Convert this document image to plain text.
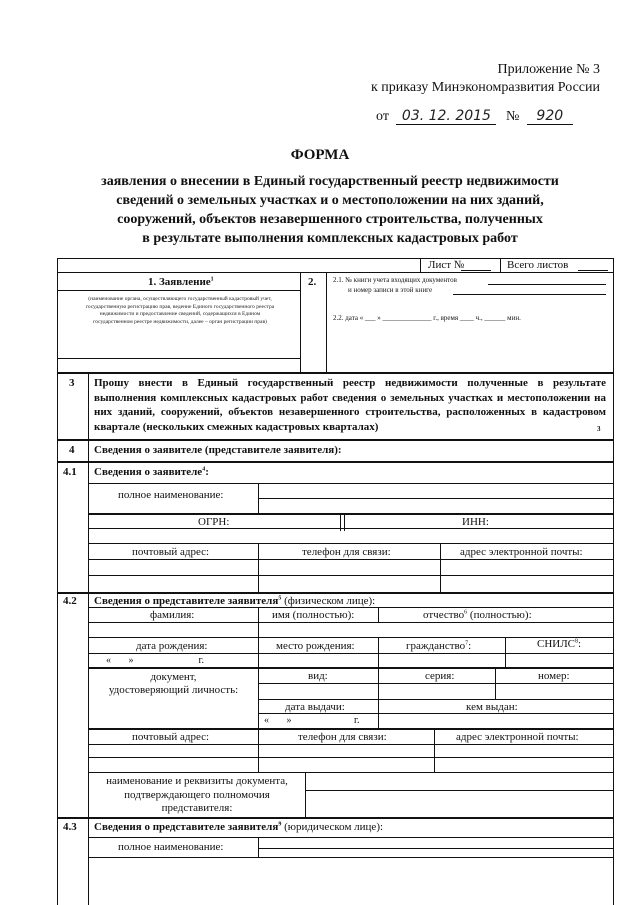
Приложение № 3
к приказу Минэкономразвития России
от 03. 12. 2015 № 920
ФОРМА
заявления о внесении в Единый государственный реестр недвижимости
сведений о земельных участках и о местоположении на них зданий,
сооружений, объектов незавершенного строительства, полученных
в результате выполнения комплексных кадастровых работ
Лист №	Всего листов
1. Заявление$^1$
(наименование органа, осуществляющего государственный кадастровый учет,
государственную регистрацию прав, ведение Единого государственного реестра
недвижимости и предоставление сведений, содержащихся в Едином
государственном реестре недвижимости, далее – орган регистрации прав)
2. 2.1. № книги учета входящих документов
и номер записи в этой книге
2.2. дата « ___ » ______________ г., время ____ ч., ______ мин.
3 Прошу внести в Единый государственный реестр недвижимости полученные в результате выполнения комплексных кадастровых работ сведения о земельных участках и местоположении на них зданий, сооружений, объектов незавершенного строительства, расположенных в кадастровом квартале (нескольких смежных кадастровых кварталах)	3
4 Сведения о заявителе (представителе заявителя):
4.1 Сведения о заявителе$^4$:
полное наименование:
ОГРН:	ИНН:
почтовый адрес:	телефон для связи:	адрес электронной почты:
4.2 Сведения о представителе заявителя$^5$ (физическом лице):
фамилия:	имя (полностью):	отчество$^6$ (полностью):
дата рождения:	место рождения:	гражданство$^7$:	СНИЛС$^8$:
«       »                          г.
документ,
удостоверяющий личность:
вид:	серия:	номер:
дата выдачи:	кем выдан:
«       »                         г.
почтовый адрес:	телефон для связи:	адрес электронной почты:
наименование и реквизиты документа,
подтверждающего полномочия
представителя:
4.3 Сведения о представителе заявителя$^9$ (юридическом лице):
полное наименование:
